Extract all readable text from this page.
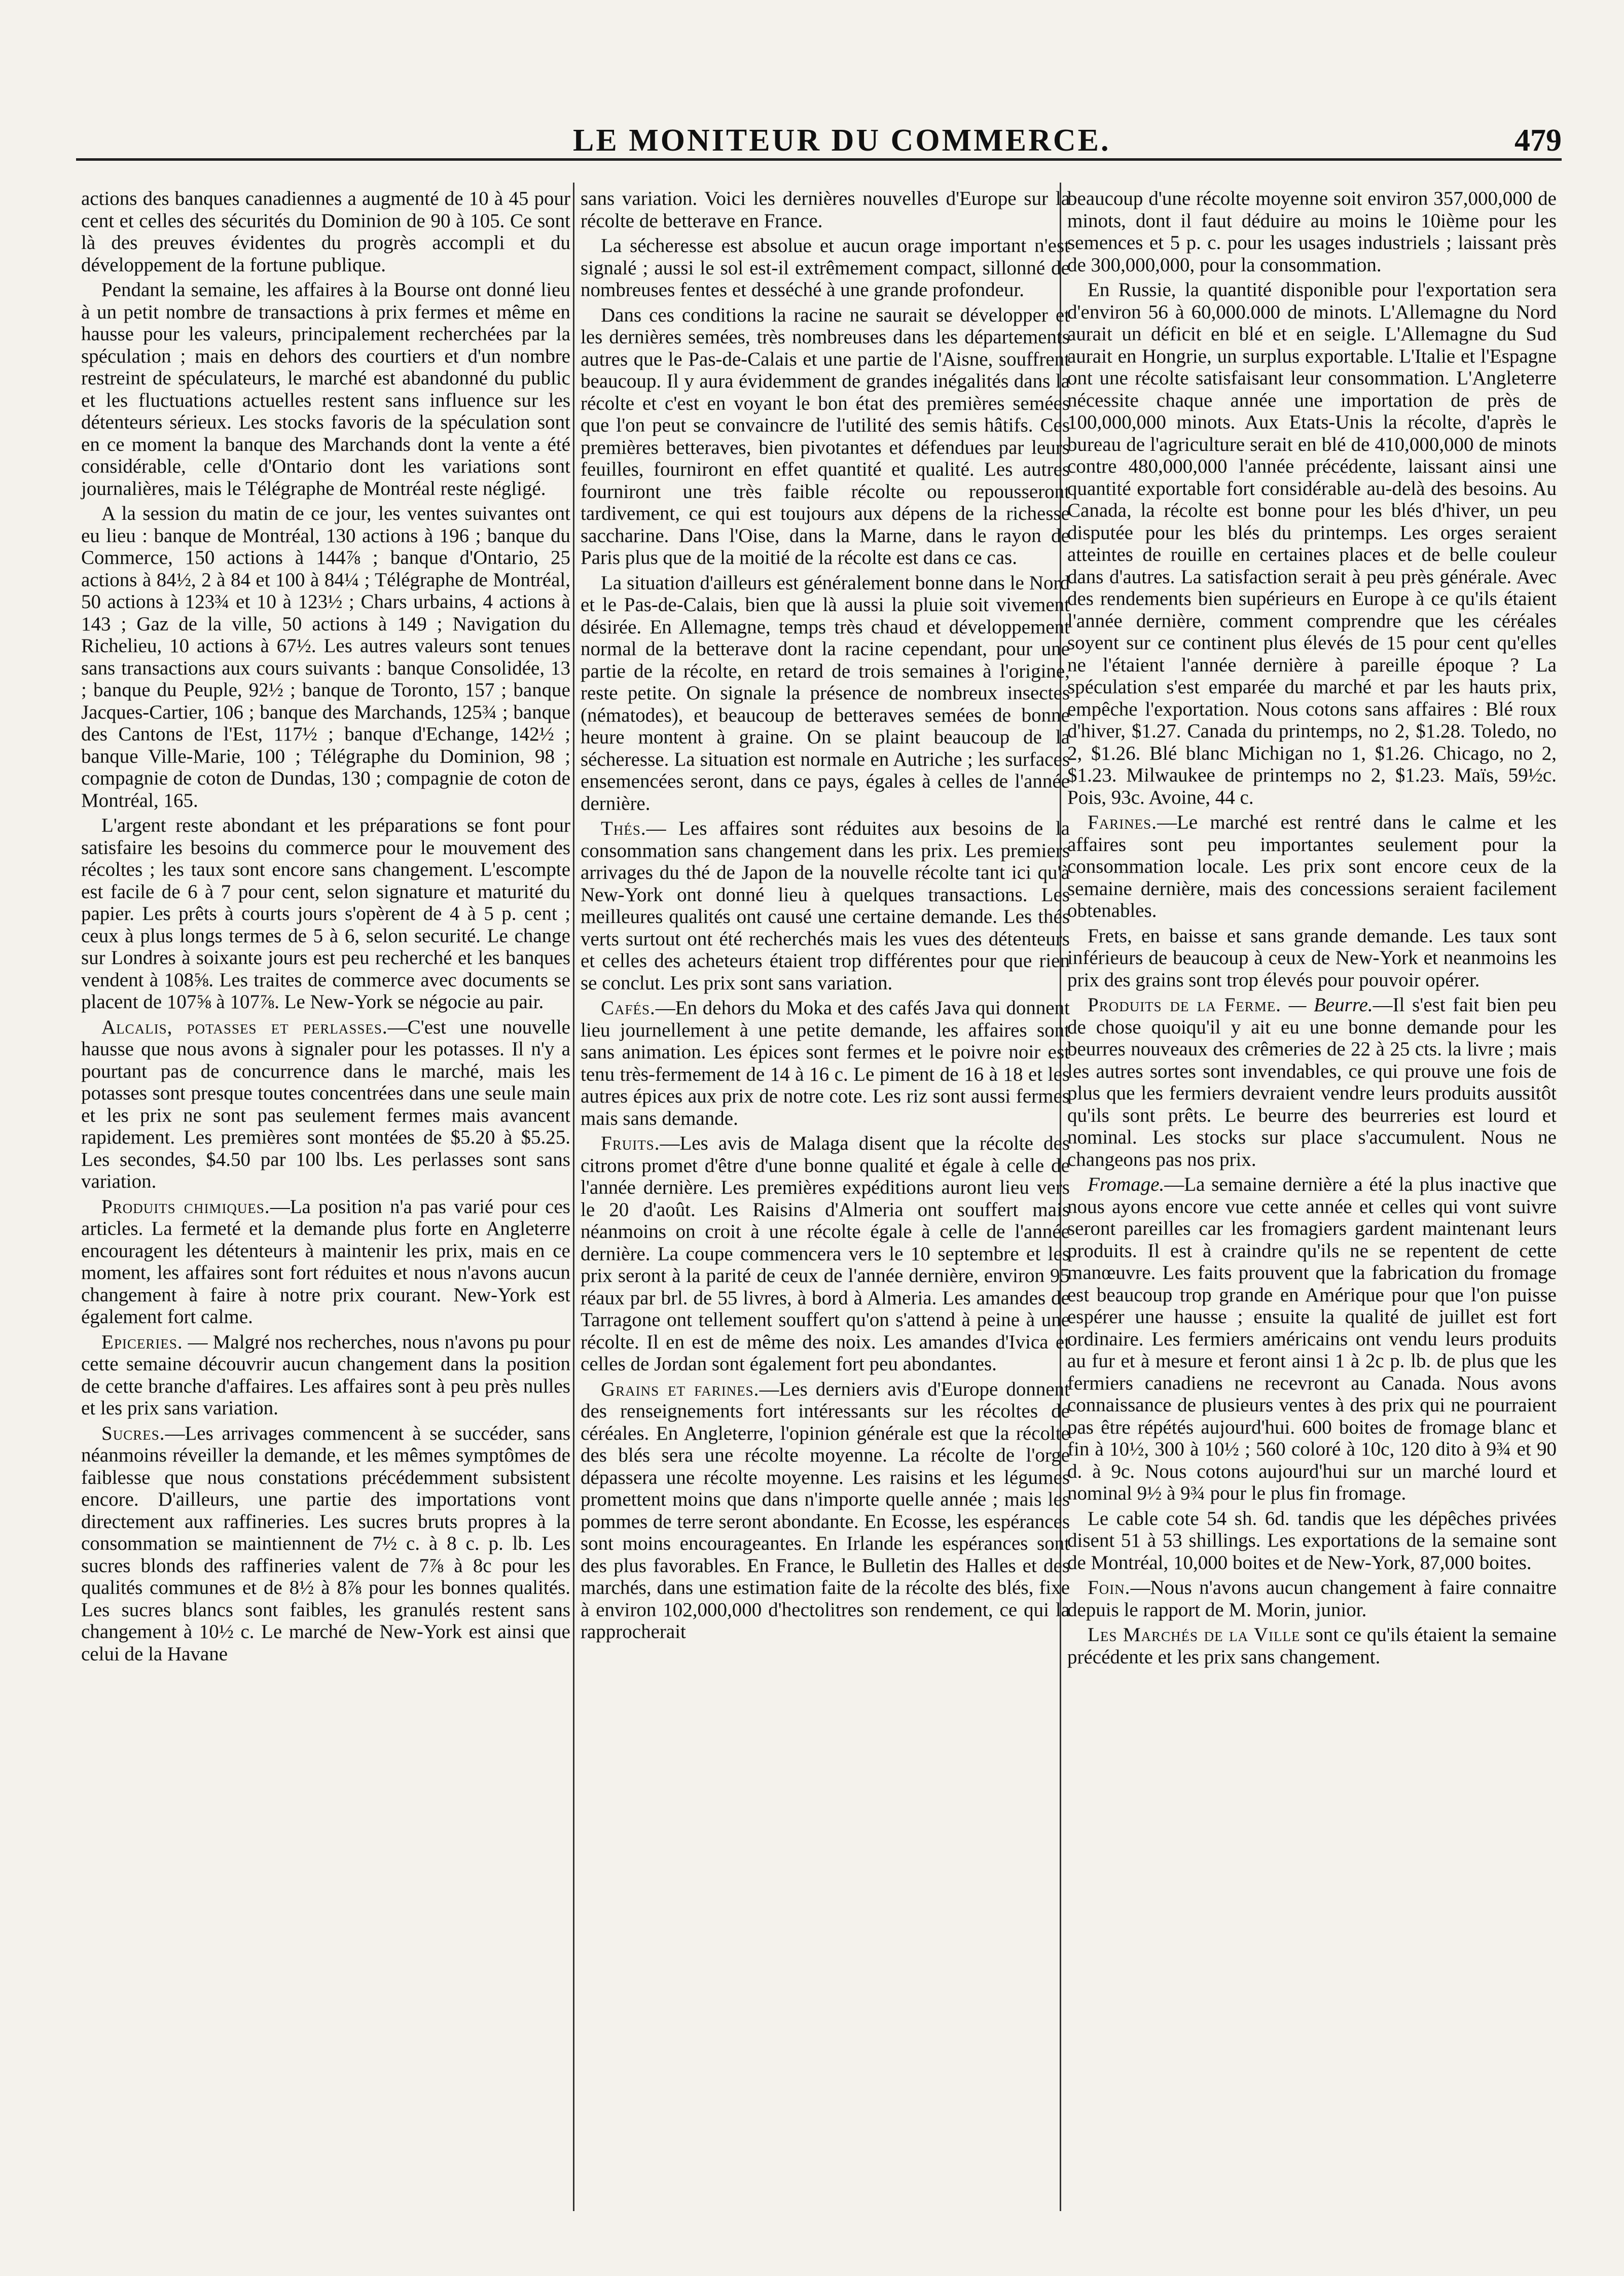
LE MONITEUR DU COMMERCE.	479

actions des banques canadiennes a augmenté de 10 à 45 pour cent et celles des sécurités du Dominion de 90 à 105. Ce sont là des preuves évidentes du progrès accompli et du développement de la fortune publique.

Pendant la semaine, les affaires à la Bourse ont donné lieu à un petit nombre de transactions à prix fermes et même en hausse pour les valeurs, principalement recherchées par la spéculation ; mais en dehors des courtiers et d'un nombre restreint de spéculateurs, le marché est abandonné du public et les fluctuations actuelles restent sans influence sur les détenteurs sérieux. Les stocks favoris de la spéculation sont en ce moment la banque des Marchands dont la vente a été considérable, celle d'Ontario dont les variations sont journalières, mais le Télégraphe de Montréal reste négligé.

A la session du matin de ce jour, les ventes suivantes ont eu lieu : banque de Montréal, 130 actions à 196 ; banque du Commerce, 150 actions à 144⅞ ; banque d'Ontario, 25 actions à 84½, 2 à 84 et 100 à 84¼ ; Télégraphe de Montréal, 50 actions à 123¾ et 10 à 123½ ; Chars urbains, 4 actions à 143 ; Gaz de la ville, 50 actions à 149 ; Navigation du Richelieu, 10 actions à 67½. Les autres valeurs sont tenues sans transactions aux cours suivants : banque Consolidée, 13 ; banque du Peuple, 92½ ; banque de Toronto, 157 ; banque Jacques-Cartier, 106 ; banque des Marchands, 125¾ ; banque des Cantons de l'Est, 117½ ; banque d'Echange, 142½ ; banque Ville-Marie, 100 ; Télégraphe du Dominion, 98 ; compagnie de coton de Dundas, 130 ; compagnie de coton de Montréal, 165.

L'argent reste abondant et les préparations se font pour satisfaire les besoins du commerce pour le mouvement des récoltes ; les taux sont encore sans changement. L'escompte est facile de 6 à 7 pour cent, selon signature et maturité du papier. Les prêts à courts jours s'opèrent de 4 à 5 p. cent ; ceux à plus longs termes de 5 à 6, selon securité. Le change sur Londres à soixante jours est peu recherché et les banques vendent à 108⅝. Les traites de commerce avec documents se placent de 107⅝ à 107⅞. Le New-York se négocie au pair.

Alcalis, potasses et perlasses.—C'est une nouvelle hausse que nous avons à signaler pour les potasses. Il n'y a pourtant pas de concurrence dans le marché, mais les potasses sont presque toutes concentrées dans une seule main et les prix ne sont pas seulement fermes mais avancent rapidement. Les premières sont montées de $5.20 à $5.25. Les secondes, $4.50 par 100 lbs. Les perlasses sont sans variation.

Produits chimiques.—La position n'a pas varié pour ces articles. La fermeté et la demande plus forte en Angleterre encouragent les détenteurs à maintenir les prix, mais en ce moment, les affaires sont fort réduites et nous n'avons aucun changement à faire à notre prix courant. New-York est également fort calme.

Epiceries. — Malgré nos recherches, nous n'avons pu pour cette semaine découvrir aucun changement dans la position de cette branche d'affaires. Les affaires sont à peu près nulles et les prix sans variation.

Sucres.—Les arrivages commencent à se succéder, sans néanmoins réveiller la demande, et les mêmes symptômes de faiblesse que nous constations précédemment subsistent encore. D'ailleurs, une partie des importations vont directement aux raffineries. Les sucres bruts propres à la consommation se maintiennent de 7½ c. à 8 c. p. lb. Les sucres blonds des raffineries valent de 7⅞ à 8c pour les qualités communes et de 8½ à 8⅞ pour les bonnes qualités. Les sucres blancs sont faibles, les granulés restent sans changement à 10½ c. Le marché de New-York est ainsi que celui de la Havane

sans variation. Voici les dernières nouvelles d'Europe sur la récolte de betterave en France.

La sécheresse est absolue et aucun orage important n'est signalé ; aussi le sol est-il extrêmement compact, sillonné de nombreuses fentes et desséché à une grande profondeur.

Dans ces conditions la racine ne saurait se développer et les dernières semées, très nombreuses dans les départements autres que le Pas-de-Calais et une partie de l'Aisne, souffrent beaucoup. Il y aura évidemment de grandes inégalités dans la récolte et c'est en voyant le bon état des premières semées que l'on peut se convaincre de l'utilité des semis hâtifs. Ces premières betteraves, bien pivotantes et défendues par leurs feuilles, fourniront en effet quantité et qualité. Les autres fourniront une très faible récolte ou repousseront tardivement, ce qui est toujours aux dépens de la richesse saccharine. Dans l'Oise, dans la Marne, dans le rayon de Paris plus que de la moitié de la récolte est dans ce cas.

La situation d'ailleurs est généralement bonne dans le Nord et le Pas-de-Calais, bien que là aussi la pluie soit vivement désirée. En Allemagne, temps très chaud et développement normal de la betterave dont la racine cependant, pour une partie de la récolte, en retard de trois semaines à l'origine, reste petite. On signale la présence de nombreux insectes (nématodes), et beaucoup de betteraves semées de bonne heure montent à graine. On se plaint beaucoup de la sécheresse. La situation est normale en Autriche ; les surfaces ensemencées seront, dans ce pays, égales à celles de l'année dernière.

Thés.— Les affaires sont réduites aux besoins de la consommation sans changement dans les prix. Les premiers arrivages du thé de Japon de la nouvelle récolte tant ici qu'à New-York ont donné lieu à quelques transactions. Les meilleures qualités ont causé une certaine demande. Les thés verts surtout ont été recherchés mais les vues des détenteurs et celles des acheteurs étaient trop différentes pour que rien se conclut. Les prix sont sans variation.

Cafés.—En dehors du Moka et des cafés Java qui donnent lieu journellement à une petite demande, les affaires sont sans animation. Les épices sont fermes et le poivre noir est tenu très-fermement de 14 à 16 c. Le piment de 16 à 18 et les autres épices aux prix de notre cote. Les riz sont aussi fermes mais sans demande.

Fruits.—Les avis de Malaga disent que la récolte des citrons promet d'être d'une bonne qualité et égale à celle de l'année dernière. Les premières expéditions auront lieu vers le 20 d'août. Les Raisins d'Almeria ont souffert mais néanmoins on croit à une récolte égale à celle de l'année dernière. La coupe commencera vers le 10 septembre et les prix seront à la parité de ceux de l'année dernière, environ 95 réaux par brl. de 55 livres, à bord à Almeria. Les amandes de Tarragone ont tellement souffert qu'on s'attend à peine à une récolte. Il en est de même des noix. Les amandes d'Ivica et celles de Jordan sont également fort peu abondantes.

Grains et farines.—Les derniers avis d'Europe donnent des renseignements fort intéressants sur les récoltes de céréales. En Angleterre, l'opinion générale est que la récolte des blés sera une récolte moyenne. La récolte de l'orge dépassera une récolte moyenne. Les raisins et les légumes promettent moins que dans n'importe quelle année ; mais les pommes de terre seront abondante. En Ecosse, les espérances sont moins encourageantes. En Irlande les espérances sont des plus favorables. En France, le Bulletin des Halles et des marchés, dans une estimation faite de la récolte des blés, fixe à environ 102,000,000 d'hectolitres son rendement, ce qui la rapprocherait

beaucoup d'une récolte moyenne soit environ 357,000,000 de minots, dont il faut déduire au moins le 10ième pour les semences et 5 p. c. pour les usages industriels ; laissant près de 300,000,000, pour la consommation.

En Russie, la quantité disponible pour l'exportation sera d'environ 56 à 60,000.000 de minots. L'Allemagne du Nord aurait un déficit en blé et en seigle. L'Allemagne du Sud aurait en Hongrie, un surplus exportable. L'Italie et l'Espagne ont une récolte satisfaisant leur consommation. L'Angleterre nécessite chaque année une importation de près de 100,000,000 minots. Aux Etats-Unis la récolte, d'après le bureau de l'agriculture serait en blé de 410,000,000 de minots contre 480,000,000 l'année précédente, laissant ainsi une quantité exportable fort considérable au-delà des besoins. Au Canada, la récolte est bonne pour les blés d'hiver, un peu disputée pour les blés du printemps. Les orges seraient atteintes de rouille en certaines places et de belle couleur dans d'autres. La satisfaction serait à peu près générale. Avec des rendements bien supérieurs en Europe à ce qu'ils étaient l'année dernière, comment comprendre que les céréales soyent sur ce continent plus élevés de 15 pour cent qu'elles ne l'étaient l'année dernière à pareille époque ? La spéculation s'est emparée du marché et par les hauts prix, empêche l'exportation. Nous cotons sans affaires : Blé roux d'hiver, $1.27. Canada du printemps, no 2, $1.28. Toledo, no 2, $1.26. Blé blanc Michigan no 1, $1.26. Chicago, no 2, $1.23. Milwaukee de printemps no 2, $1.23. Maïs, 59½c. Pois, 93c. Avoine, 44 c.

Farines.—Le marché est rentré dans le calme et les affaires sont peu importantes seulement pour la consommation locale. Les prix sont encore ceux de la semaine dernière, mais des concessions seraient facilement obtenables.

Frets, en baisse et sans grande demande. Les taux sont inférieurs de beaucoup à ceux de New-York et neanmoins les prix des grains sont trop élevés pour pouvoir opérer.

Produits de la Ferme. — Beurre.—Il s'est fait bien peu de chose quoiqu'il y ait eu une bonne demande pour les beurres nouveaux des crêmeries de 22 à 25 cts. la livre ; mais les autres sortes sont invendables, ce qui prouve une fois de plus que les fermiers devraient vendre leurs produits aussitôt qu'ils sont prêts. Le beurre des beurreries est lourd et nominal. Les stocks sur place s'accumulent. Nous ne changeons pas nos prix.

Fromage.—La semaine dernière a été la plus inactive que nous ayons encore vue cette année et celles qui vont suivre seront pareilles car les fromagiers gardent maintenant leurs produits. Il est à craindre qu'ils ne se repentent de cette manœuvre. Les faits prouvent que la fabrication du fromage est beaucoup trop grande en Amérique pour que l'on puisse espérer une hausse ; ensuite la qualité de juillet est fort ordinaire. Les fermiers américains ont vendu leurs produits au fur et à mesure et feront ainsi 1 à 2c p. lb. de plus que les fermiers canadiens ne recevront au Canada. Nous avons connaissance de plusieurs ventes à des prix qui ne pourraient pas être répétés aujourd'hui. 600 boites de fromage blanc et fin à 10½, 300 à 10½ ; 560 coloré à 10c, 120 dito à 9¾ et 90 d. à 9c. Nous cotons aujourd'hui sur un marché lourd et nominal 9½ à 9¾ pour le plus fin fromage.

Le cable cote 54 sh. 6d. tandis que les dépêches privées disent 51 à 53 shillings. Les exportations de la semaine sont de Montréal, 10,000 boites et de New-York, 87,000 boites.

Foin.—Nous n'avons aucun changement à faire connaitre depuis le rapport de M. Morin, junior.

Les Marchés de la Ville sont ce qu'ils étaient la semaine précédente et les prix sans changement.
